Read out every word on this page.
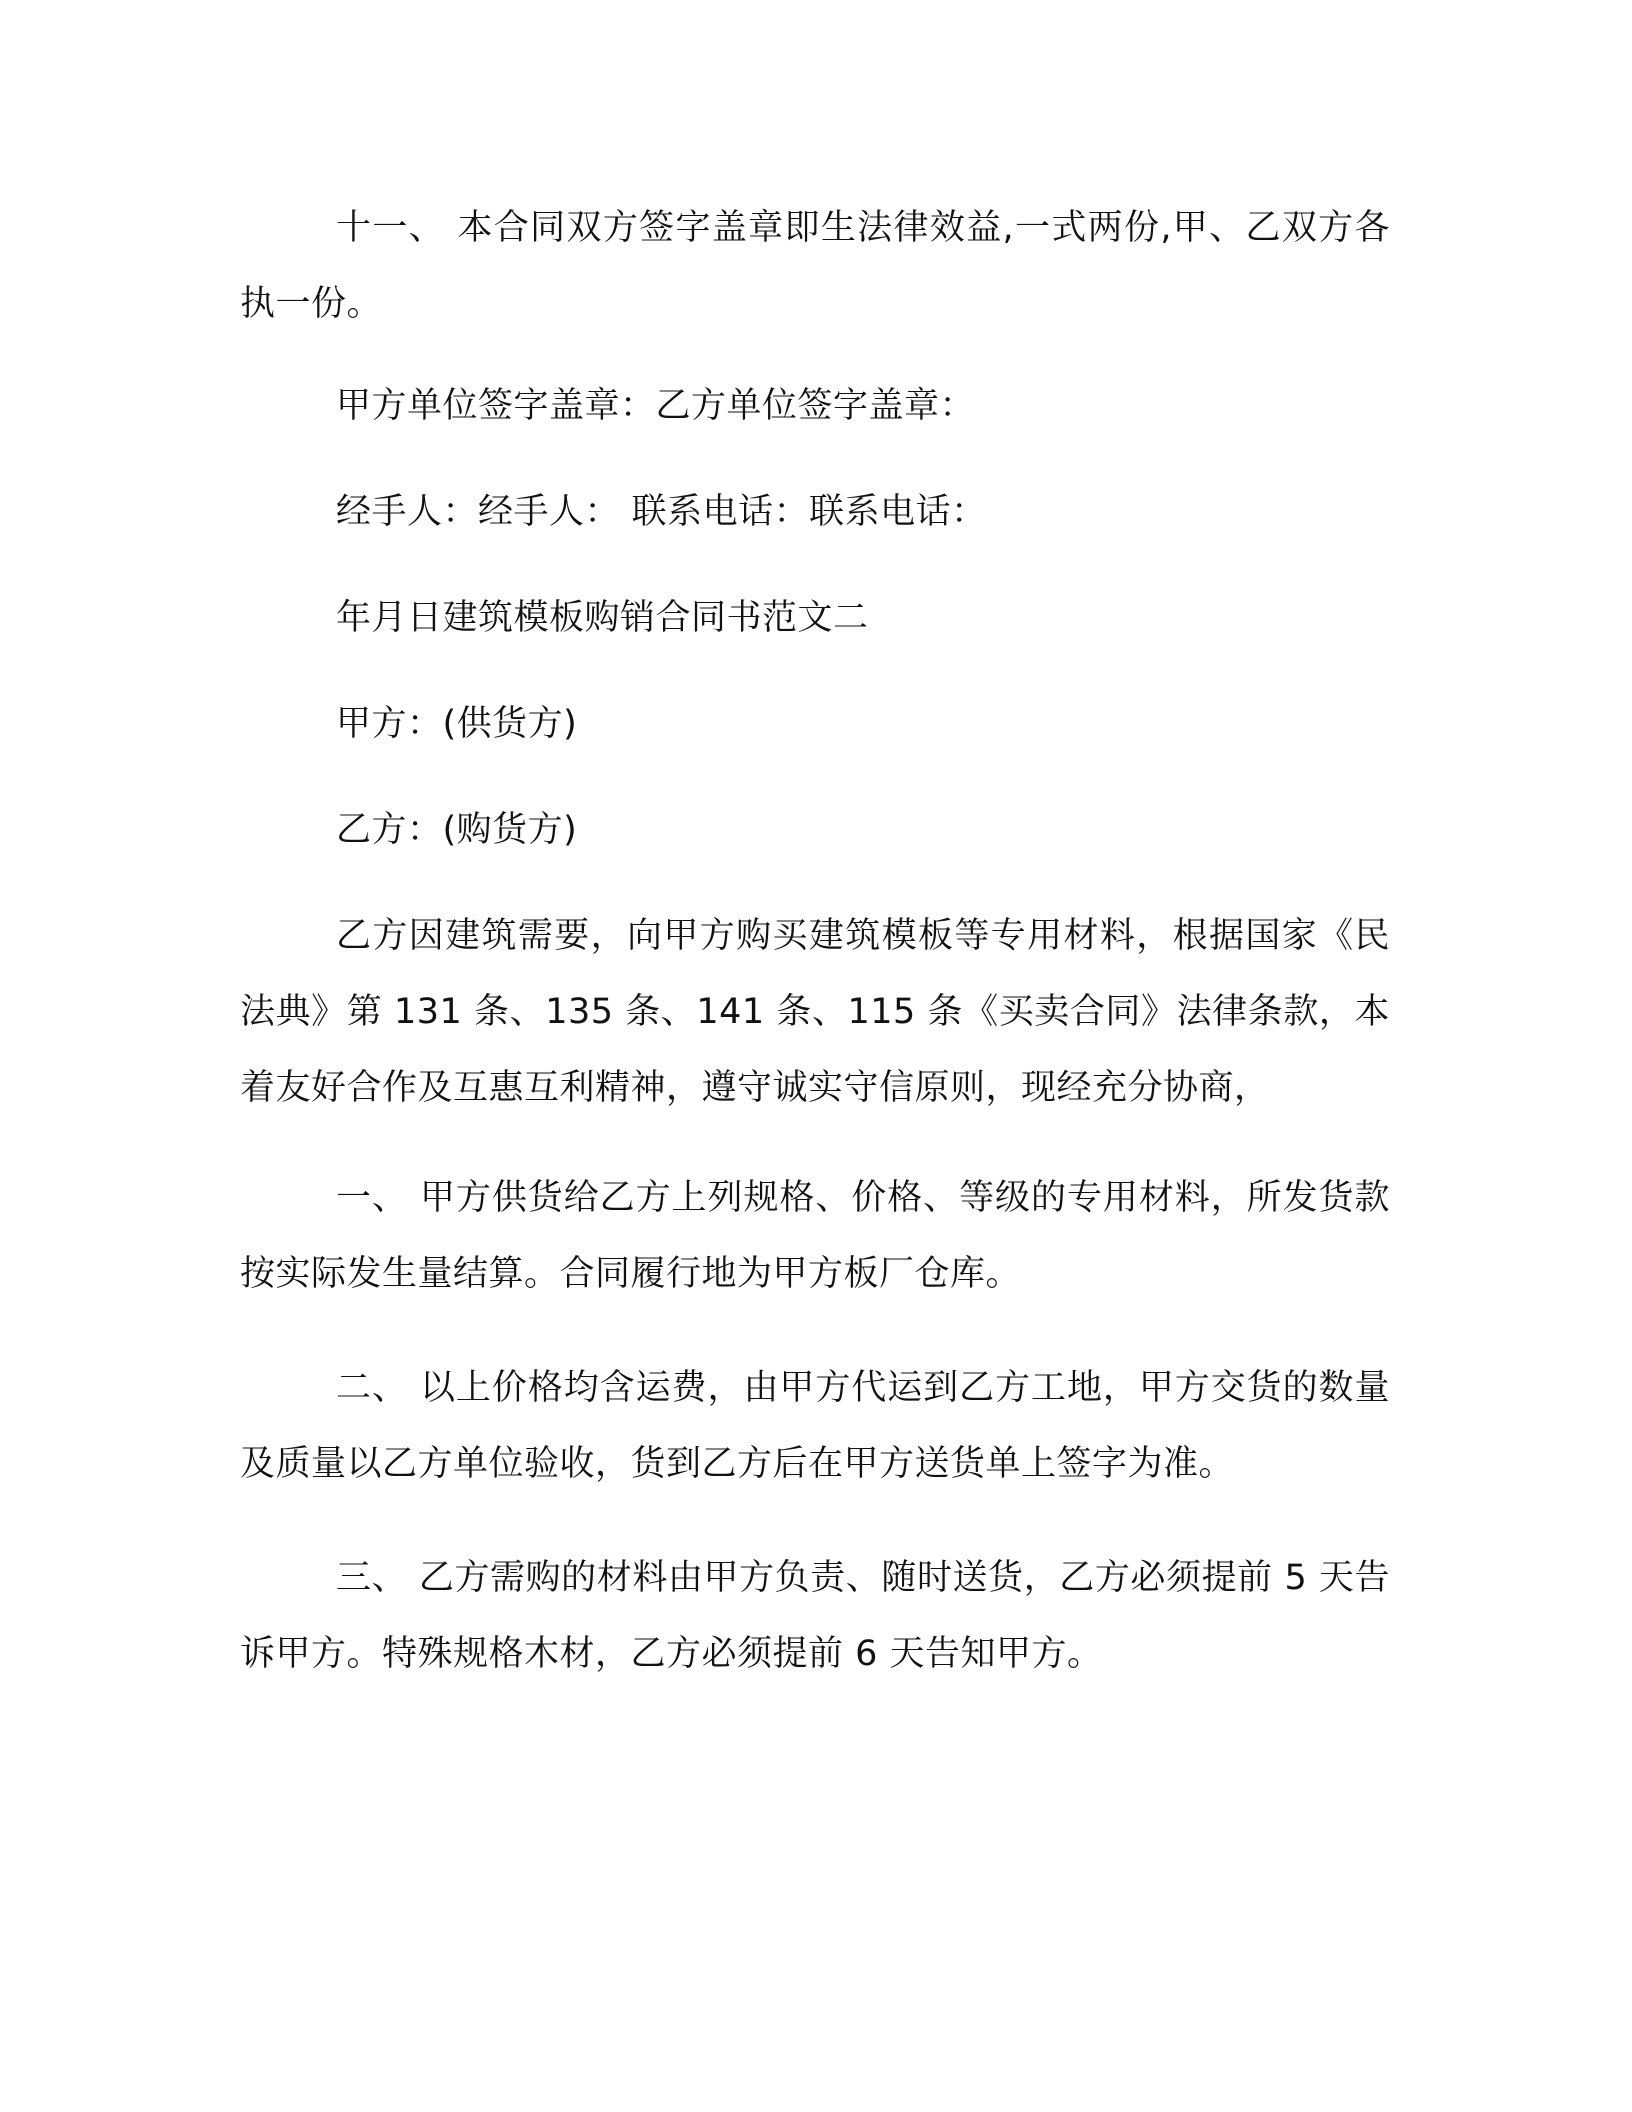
十一、 本合同双方签字盖章即生法律效益,一式两份,甲、乙双方各执一份。

甲方单位签字盖章：乙方单位签字盖章：

经手人：经手人： 联系电话：联系电话：

年月日建筑模板购销合同书范文二

甲方：(供货方)

乙方：(购货方)

乙方因建筑需要，向甲方购买建筑模板等专用材料，根据国家《民法典》第 131 条、135 条、141 条、115 条《买卖合同》法律条款，本着友好合作及互惠互利精神，遵守诚实守信原则，现经充分协商，

一、 甲方供货给乙方上列规格、价格、等级的专用材料，所发货款按实际发生量结算。合同履行地为甲方板厂仓库。

二、 以上价格均含运费，由甲方代运到乙方工地，甲方交货的数量及质量以乙方单位验收，货到乙方后在甲方送货单上签字为准。

三、 乙方需购的材料由甲方负责、随时送货，乙方必须提前 5 天告诉甲方。特殊规格木材，乙方必须提前 6 天告知甲方。
